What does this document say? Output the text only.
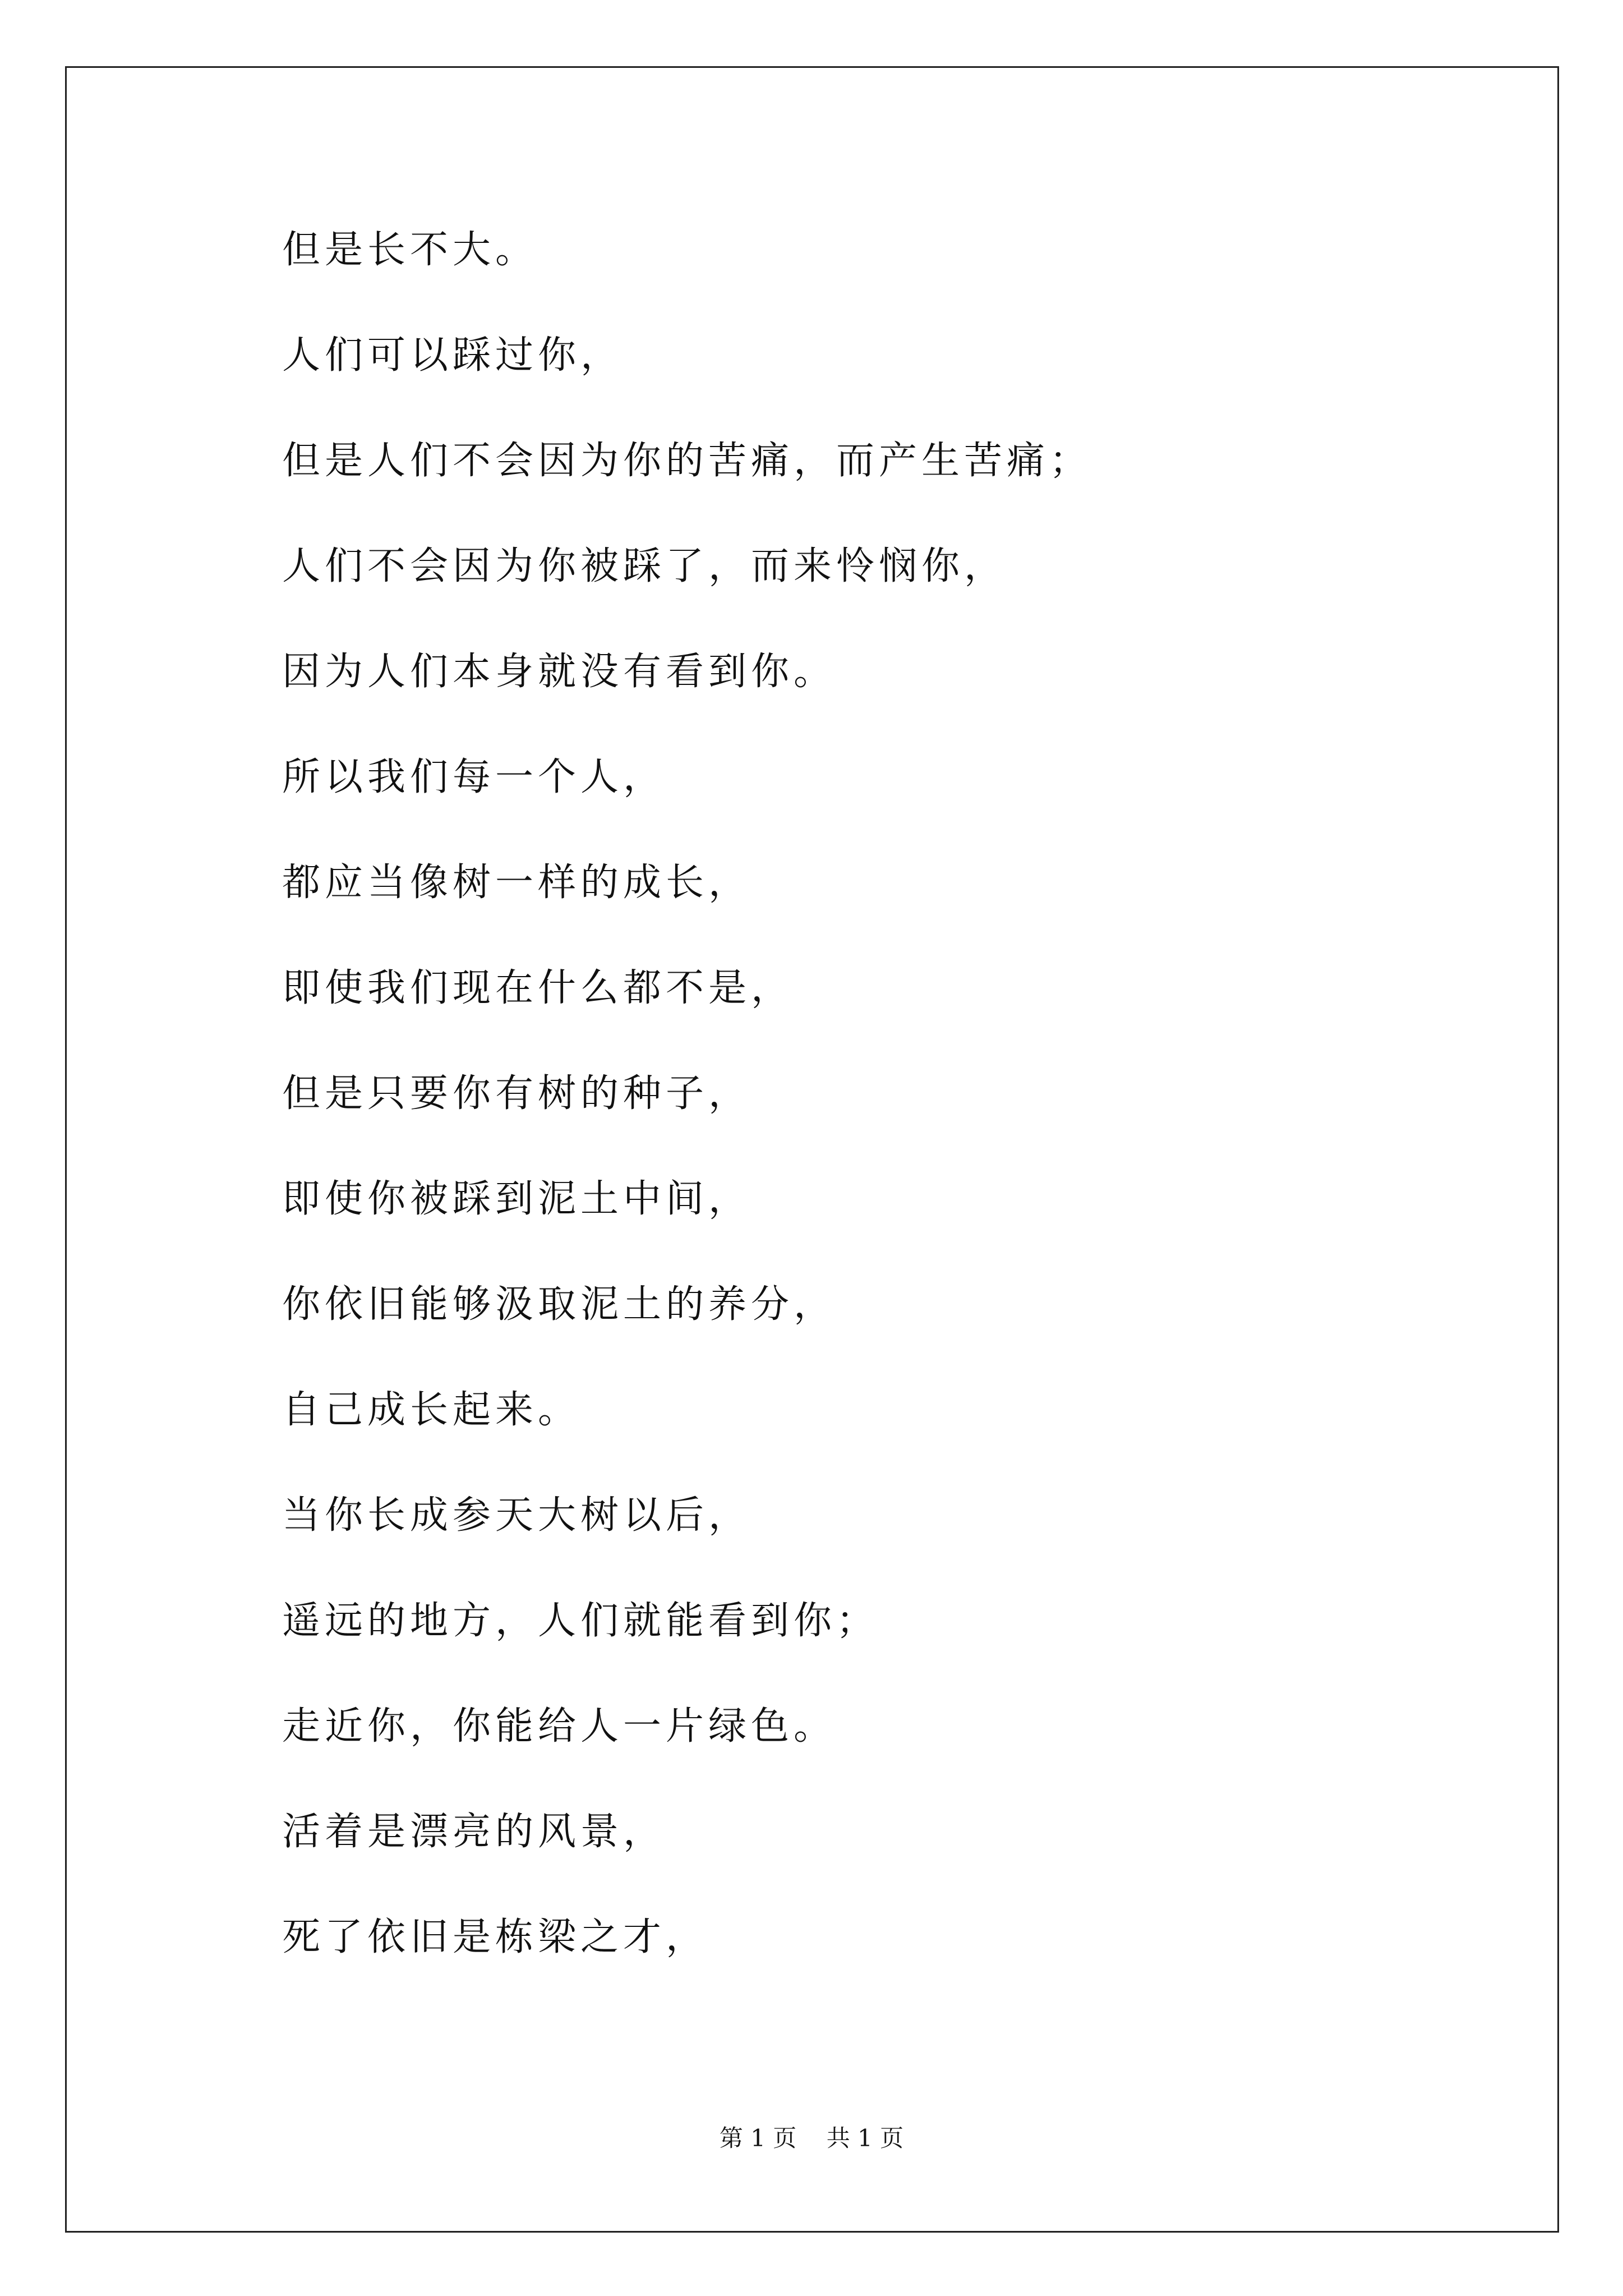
但是长不大。
人们可以踩过你，
但是人们不会因为你的苦痛，而产生苦痛；
人们不会因为你被踩了，而来怜悯你，
因为人们本身就没有看到你。
所以我们每一个人，
都应当像树一样的成长，
即使我们现在什么都不是，
但是只要你有树的种子，
即使你被踩到泥土中间，
你依旧能够汲取泥土的养分，
自己成长起来。
当你长成参天大树以后，
遥远的地方，人们就能看到你；
走近你，你能给人一片绿色。
活着是漂亮的风景，
死了依旧是栋梁之才，
第 1 页    共 1 页
